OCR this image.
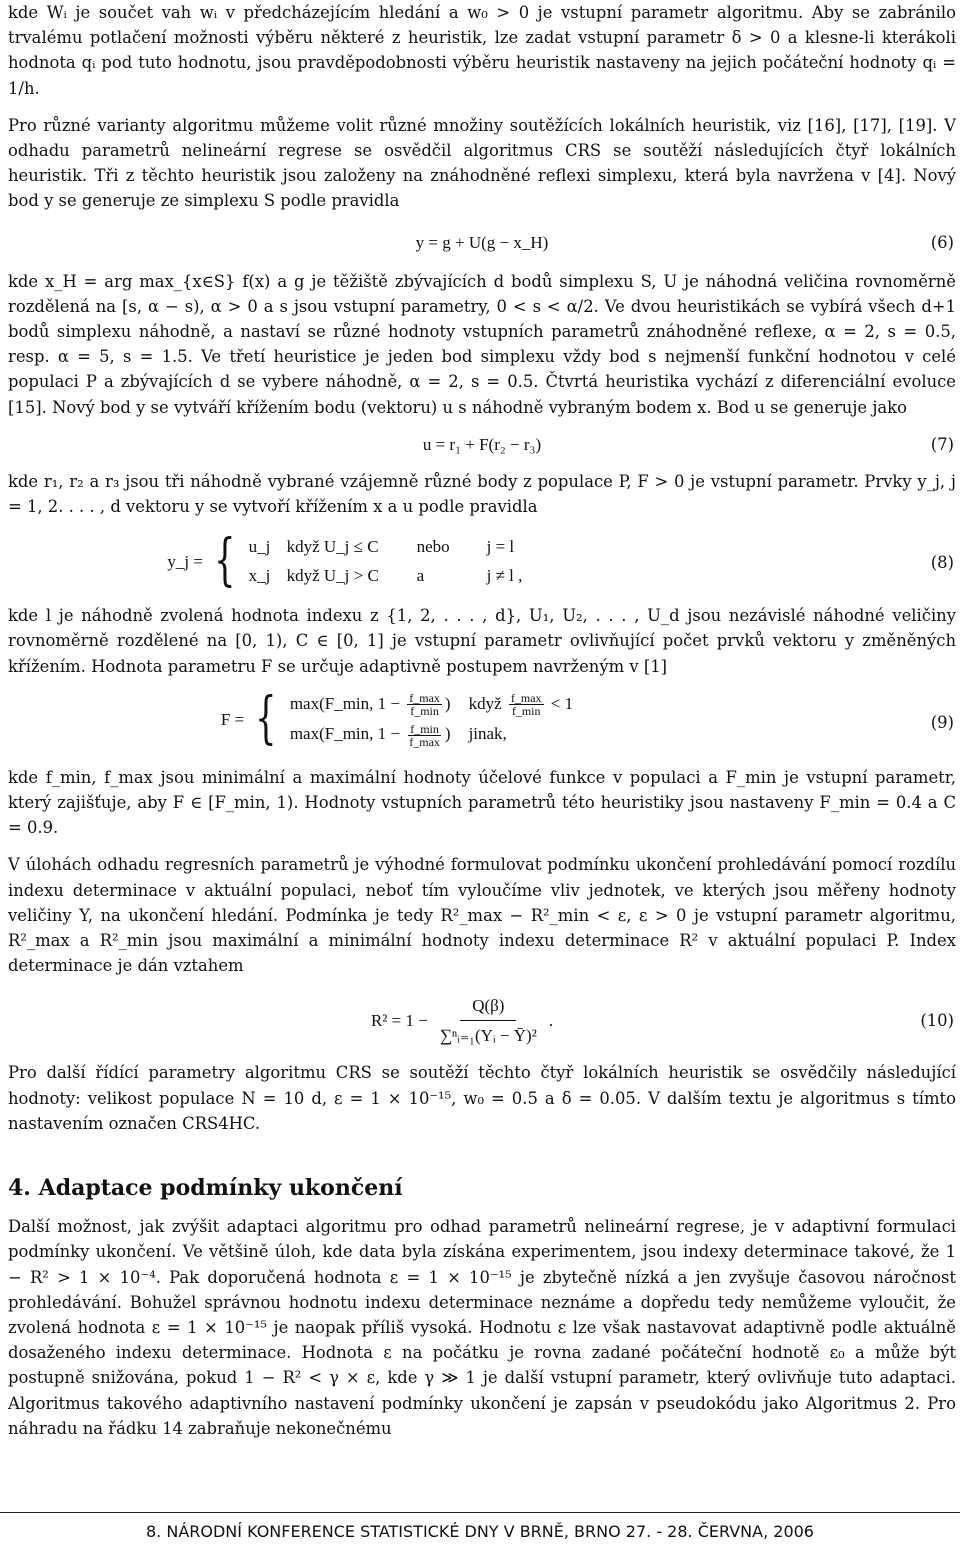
kde Wᵢ je součet vah wᵢ v předcházejícím hledání a w₀ > 0 je vstupní parametr algoritmu. Aby se zabránilo trvalému potlačení možnosti výběru některé z heuristik, lze zadat vstupní parametr δ > 0 a klesne-li kterákoli hodnota qᵢ pod tuto hodnotu, jsou pravděpodobnosti výběru heuristik nastaveny na jejich počáteční hodnoty qᵢ = 1/h.

Pro různé varianty algoritmu můžeme volit různé množiny soutěžících lokálních heuristik, viz [16], [17], [19]. V odhadu parametrů nelineární regrese se osvědčil algoritmus CRS se soutěží následujících čtyř lokálních heuristik. Tři z těchto heuristik jsou založeny na znáhodněné reflexi simplexu, která byla navržena v [4]. Nový bod y se generuje ze simplexu S podle pravidla

y = g + U(g − x_H)	(6)

kde x_H = arg max_{x∈S} f(x) a g je těžiště zbývajících d bodů simplexu S, U je náhodná veličina rovnoměrně rozdělená na [s, α − s), α > 0 a s jsou vstupní parametry, 0 < s < α/2. Ve dvou heuristikách se vybírá všech d+1 bodů simplexu náhodně, a nastaví se různé hodnoty vstupních parametrů znáhodněné reflexe, α = 2, s = 0.5, resp. α = 5, s = 1.5. Ve třetí heuristice je jeden bod simplexu vždy bod s nejmenší funkční hodnotou v celé populaci P a zbývajících d se vybere náhodně, α = 2, s = 0.5. Čtvrtá heuristika vychází z diferenciální evoluce [15]. Nový bod y se vytváří křížením bodu (vektoru) u s náhodně vybraným bodem x. Bod u se generuje jako

u = r₁ + F(r₂ − r₃)	(7)

kde r₁, r₂ a r₃ jsou tři náhodně vybrané vzájemně různé body z populace P, F > 0 je vstupní parametr. Prvky y_j, j = 1, 2. . . . , d vektoru y se vytvoří křížením x a u podle pravidla

y_j = { u_j když U_j ≤ C	nebo	j = l
x_j když U_j > C	a	j ≠ l ,
(8)

kde l je náhodně zvolená hodnota indexu z {1, 2, . . . , d}, U₁, U₂, . . . , U_d jsou nezávislé náhodné veličiny rovnoměrně rozdělené na [0, 1), C ∈ [0, 1] je vstupní parametr ovlivňující počet prvků vektoru y změněných křížením. Hodnota parametru F se určuje adaptivně postupem navrženým v [1]

F = { max(F_min, $1 - \frac{f\_\max}{f\_\min}$ ) když $\frac{f\_\max}{f\_\min} < 1$
max(F_min, $1 - \frac{f\_\min}{f\_\max}$ ) jinak,
(9)

kde f_min, f_max jsou minimální a maximální hodnoty účelové funkce v populaci a F_min je vstupní parametr, který zajišťuje, aby F ∈ [F_min, 1). Hodnoty vstupních parametrů této heuristiky jsou nastaveny F_min = 0.4 a C = 0.9.

V úlohách odhadu regresních parametrů je výhodné formulovat podmínku ukončení prohledávání pomocí rozdílu indexu determinace v aktuální populaci, neboť tím vyloučíme vliv jednotek, ve kterých jsou měřeny hodnoty veličiny Y, na ukončení hledání. Podmínka je tedy R²_max − R²_min < ε, ε > 0 je vstupní parametr algoritmu, R²_max a R²_min jsou maximální a minimální hodnoty indexu determinace R² v aktuální populaci P. Index determinace je dán vztahem

$R^2 = 1 - \frac{Q(\beta)}{\text{∑ⁿᵢ₌₁(Yᵢ − Ȳ)²}}$ .	(10)

Pro další řídící parametry algoritmu CRS se soutěží těchto čtyř lokálních heuristik se osvědčily následující hodnoty: velikost populace N = 10 d, ε = 1 × 10⁻¹⁵, w₀ = 0.5 a δ = 0.05. V dalším textu je algoritmus s tímto nastavením označen CRS4HC.

4. Adaptace podmínky ukončení

Další možnost, jak zvýšit adaptaci algoritmu pro odhad parametrů nelineární regrese, je v adaptivní formulaci podmínky ukončení. Ve většině úloh, kde data byla získána experimentem, jsou indexy determinace takové, že 1 − R² > 1 × 10⁻⁴. Pak doporučená hodnota ε = 1 × 10⁻¹⁵ je zbytečně nízká a jen zvyšuje časovou náročnost prohledávání. Bohužel správnou hodnotu indexu determinace neznáme a dopředu tedy nemůžeme vyloučit, že zvolená hodnota ε = 1 × 10⁻¹⁵ je naopak příliš vysoká. Hodnotu ε lze však nastavovat adaptivně podle aktuálně dosaženého indexu determinace. Hodnota ε na počátku je rovna zadané počáteční hodnotě ε₀ a může být postupně snižována, pokud 1 − R² < γ × ε, kde γ ≫ 1 je další vstupní parametr, který ovlivňuje tuto adaptaci. Algoritmus takového adaptivního nastavení podmínky ukončení je zapsán v pseudokódu jako Algoritmus 2. Pro náhradu na řádku 14 zabraňuje nekonečnému

8. NÁRODNÍ KONFERENCE STATISTICKÉ DNY V BRNĚ, BRNO 27. - 28. ČERVNA, 2006
